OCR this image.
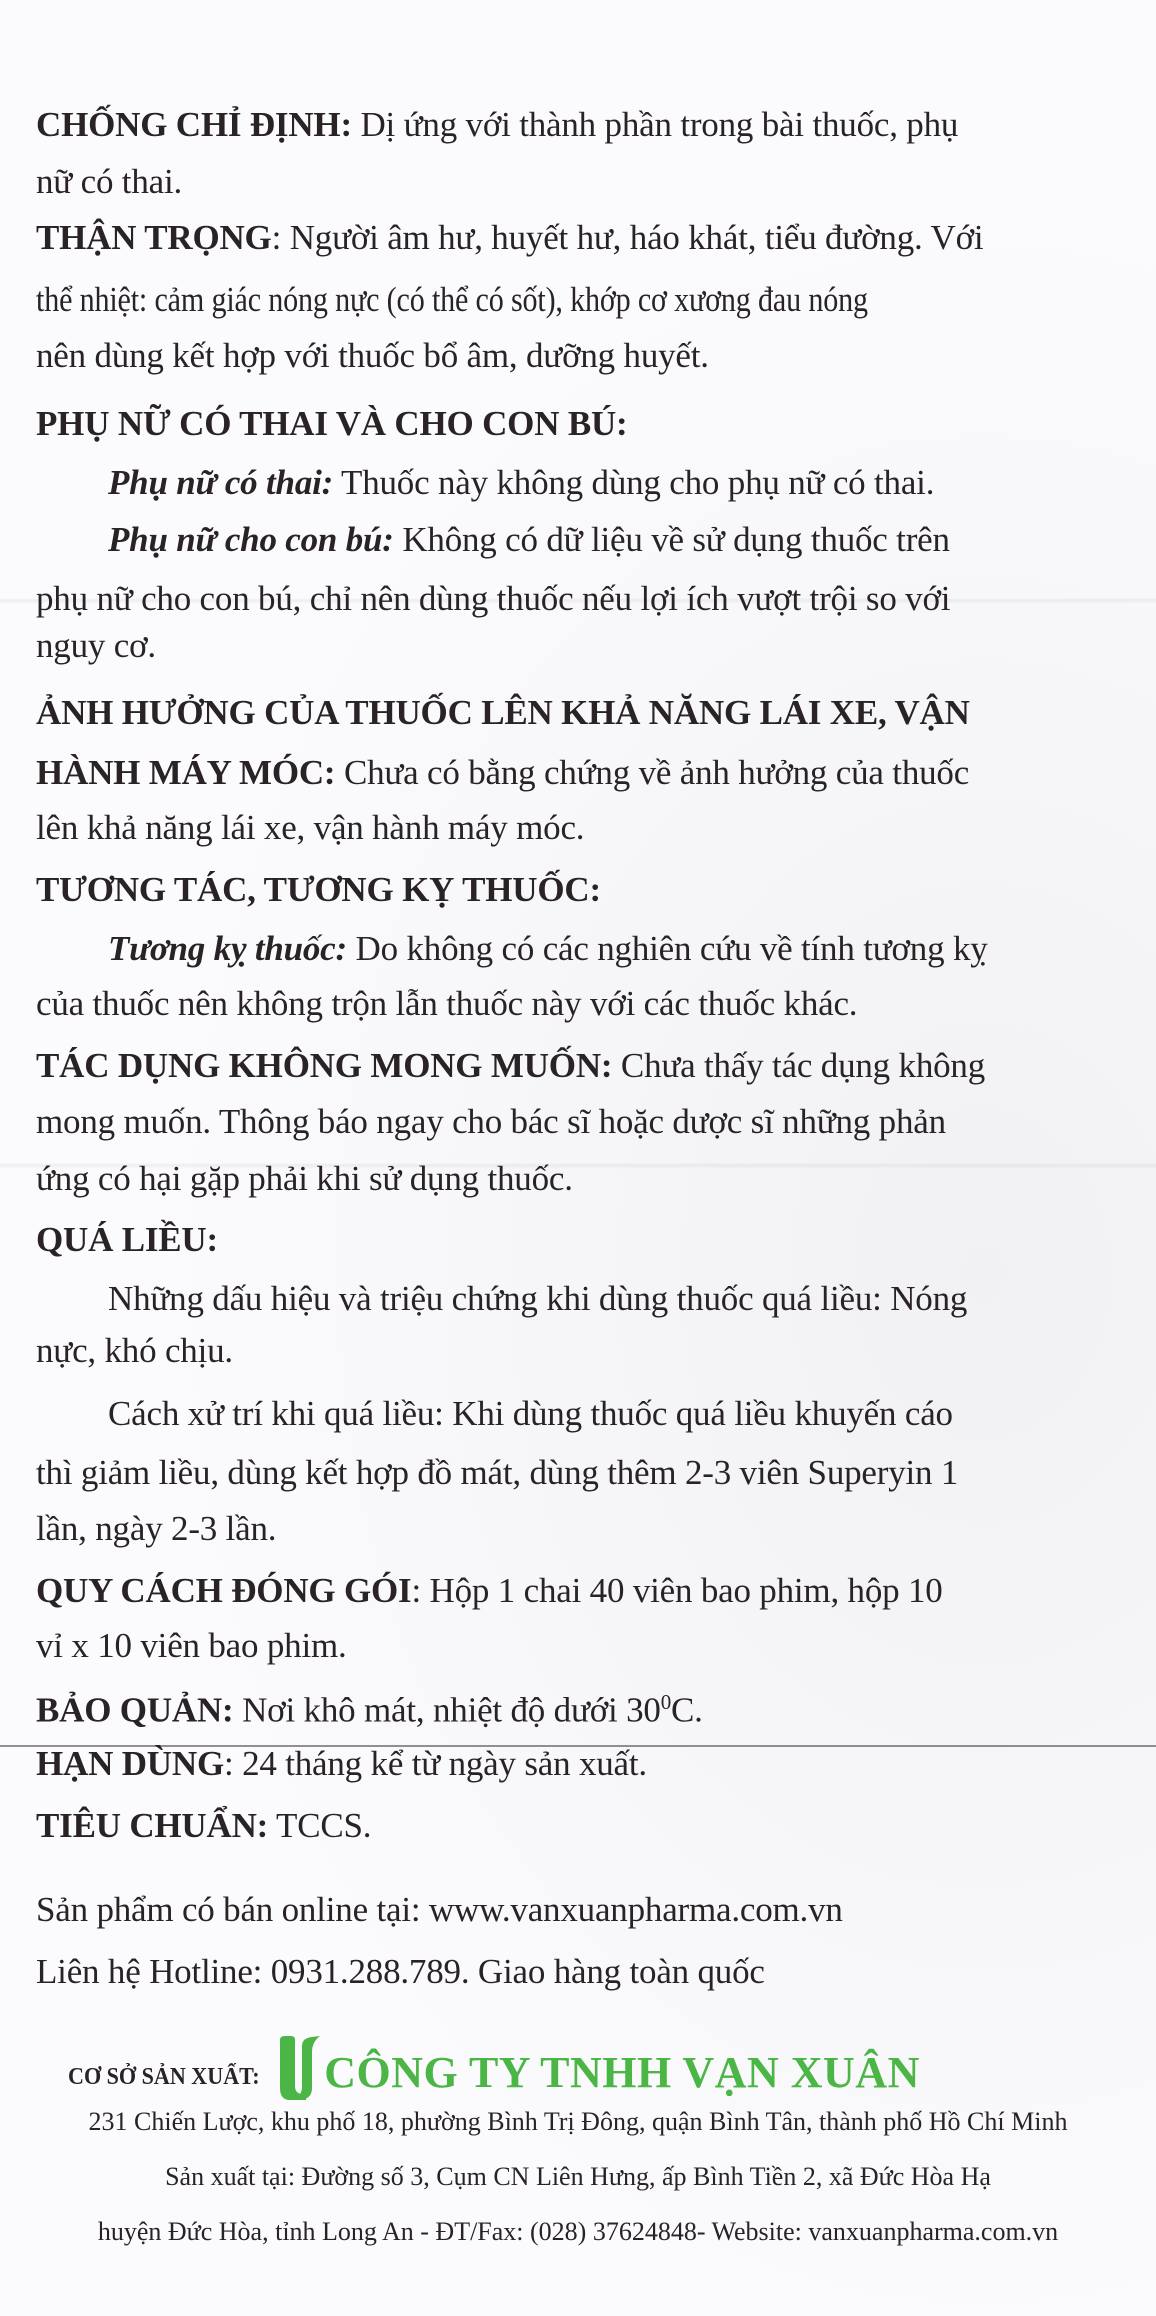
CHỐNG CHỈ ĐỊNH: Dị ứng với thành phần trong bài thuốc, phụ
nữ có thai.
THẬN TRỌNG: Người âm hư, huyết hư, háo khát, tiểu đường. Với
thể nhiệt: cảm giác nóng nực (có thể có sốt), khớp cơ xương đau nóng
nên dùng kết hợp với thuốc bổ âm, dưỡng huyết.
PHỤ NỮ CÓ THAI VÀ CHO CON BÚ:
Phụ nữ có thai: Thuốc này không dùng cho phụ nữ có thai.
Phụ nữ cho con bú: Không có dữ liệu về sử dụng thuốc trên
phụ nữ cho con bú, chỉ nên dùng thuốc nếu lợi ích vượt trội so với
nguy cơ.
ẢNH HƯỞNG CỦA THUỐC LÊN KHẢ NĂNG LÁI XE, VẬN
HÀNH MÁY MÓC: Chưa có bằng chứng về ảnh hưởng của thuốc
lên khả năng lái xe, vận hành máy móc.
TƯƠNG TÁC, TƯƠNG KỴ THUỐC:
Tương kỵ thuốc: Do không có các nghiên cứu về tính tương kỵ
của thuốc nên không trộn lẫn thuốc này với các thuốc khác.
TÁC DỤNG KHÔNG MONG MUỐN: Chưa thấy tác dụng không
mong muốn. Thông báo ngay cho bác sĩ hoặc dược sĩ những phản
ứng có hại gặp phải khi sử dụng thuốc.
QUÁ LIỀU:
Những dấu hiệu và triệu chứng khi dùng thuốc quá liều: Nóng
nực, khó chịu.
Cách xử trí khi quá liều: Khi dùng thuốc quá liều khuyến cáo
thì giảm liều, dùng kết hợp đồ mát, dùng thêm 2-3 viên Superyin 1
lần, ngày 2-3 lần.
QUY CÁCH ĐÓNG GÓI: Hộp 1 chai 40 viên bao phim, hộp 10
vỉ x 10 viên bao phim.
BẢO QUẢN: Nơi khô mát, nhiệt độ dưới $30^0C$.
HẠN DÙNG: 24 tháng kể từ ngày sản xuất.
TIÊU CHUẨN: TCCS.
Sản phẩm có bán online tại: www.vanxuanpharma.com.vn
Liên hệ Hotline: 0931.288.789. Giao hàng toàn quốc
CƠ SỞ SẢN XUẤT: CÔNG TY TNHH VẠN XUÂN
231 Chiến Lược, khu phố 18, phường Bình Trị Đông, quận Bình Tân, thành phố Hồ Chí Minh
Sản xuất tại: Đường số 3, Cụm CN Liên Hưng, ấp Bình Tiền 2, xã Đức Hòa Hạ
huyện Đức Hòa, tỉnh Long An - ĐT/Fax: (028) 37624848- Website: vanxuanpharma.com.vn
